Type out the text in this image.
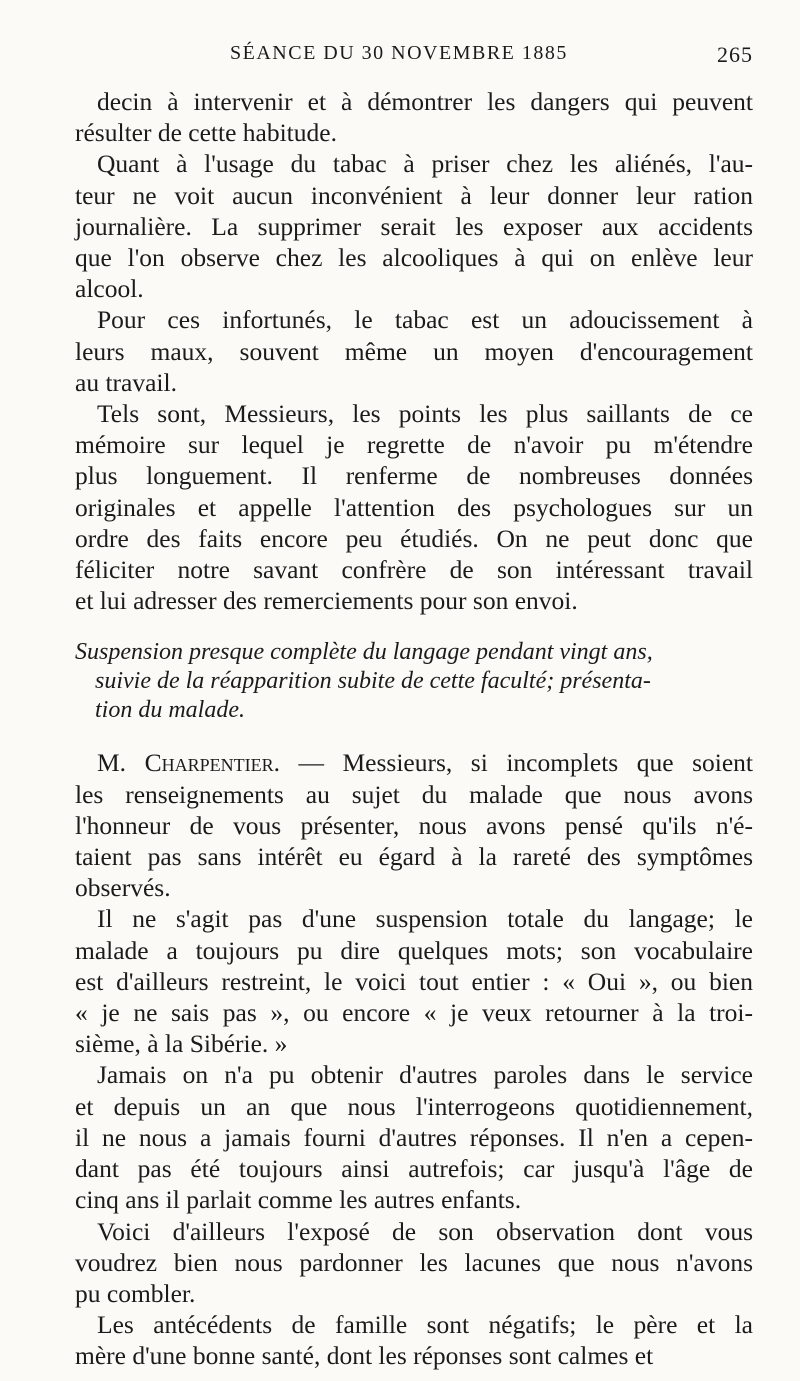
SÉANCE DU 30 NOVEMBRE 1885	265
decin à intervenir et à démontrer les dangers qui peuvent
résulter de cette habitude.
Quant à l'usage du tabac à priser chez les aliénés, l'au-
teur ne voit aucun inconvénient à leur donner leur ration
journalière. La supprimer serait les exposer aux accidents
que l'on observe chez les alcooliques à qui on enlève leur
alcool.
Pour ces infortunés, le tabac est un adoucissement à
leurs maux, souvent même un moyen d'encouragement
au travail.
Tels sont, Messieurs, les points les plus saillants de ce
mémoire sur lequel je regrette de n'avoir pu m'étendre
plus longuement. Il renferme de nombreuses données
originales et appelle l'attention des psychologues sur un
ordre des faits encore peu étudiés. On ne peut donc que
féliciter notre savant confrère de son intéressant travail
et lui adresser des remerciements pour son envoi.
Suspension presque complète du langage pendant vingt ans,
suivie de la réapparition subite de cette faculté; présenta-
tion du malade.
M. Charpentier. — Messieurs, si incomplets que soient
les renseignements au sujet du malade que nous avons
l'honneur de vous présenter, nous avons pensé qu'ils n'é-
taient pas sans intérêt eu égard à la rareté des symptômes
observés.
Il ne s'agit pas d'une suspension totale du langage; le
malade a toujours pu dire quelques mots; son vocabulaire
est d'ailleurs restreint, le voici tout entier : « Oui », ou bien
« je ne sais pas », ou encore « je veux retourner à la troi-
sième, à la Sibérie. »
Jamais on n'a pu obtenir d'autres paroles dans le service
et depuis un an que nous l'interrogeons quotidiennement,
il ne nous a jamais fourni d'autres réponses. Il n'en a cepen-
dant pas été toujours ainsi autrefois; car jusqu'à l'âge de
cinq ans il parlait comme les autres enfants.
Voici d'ailleurs l'exposé de son observation dont vous
voudrez bien nous pardonner les lacunes que nous n'avons
pu combler.
Les antécédents de famille sont négatifs; le père et la
mère d'une bonne santé, dont les réponses sont calmes et
